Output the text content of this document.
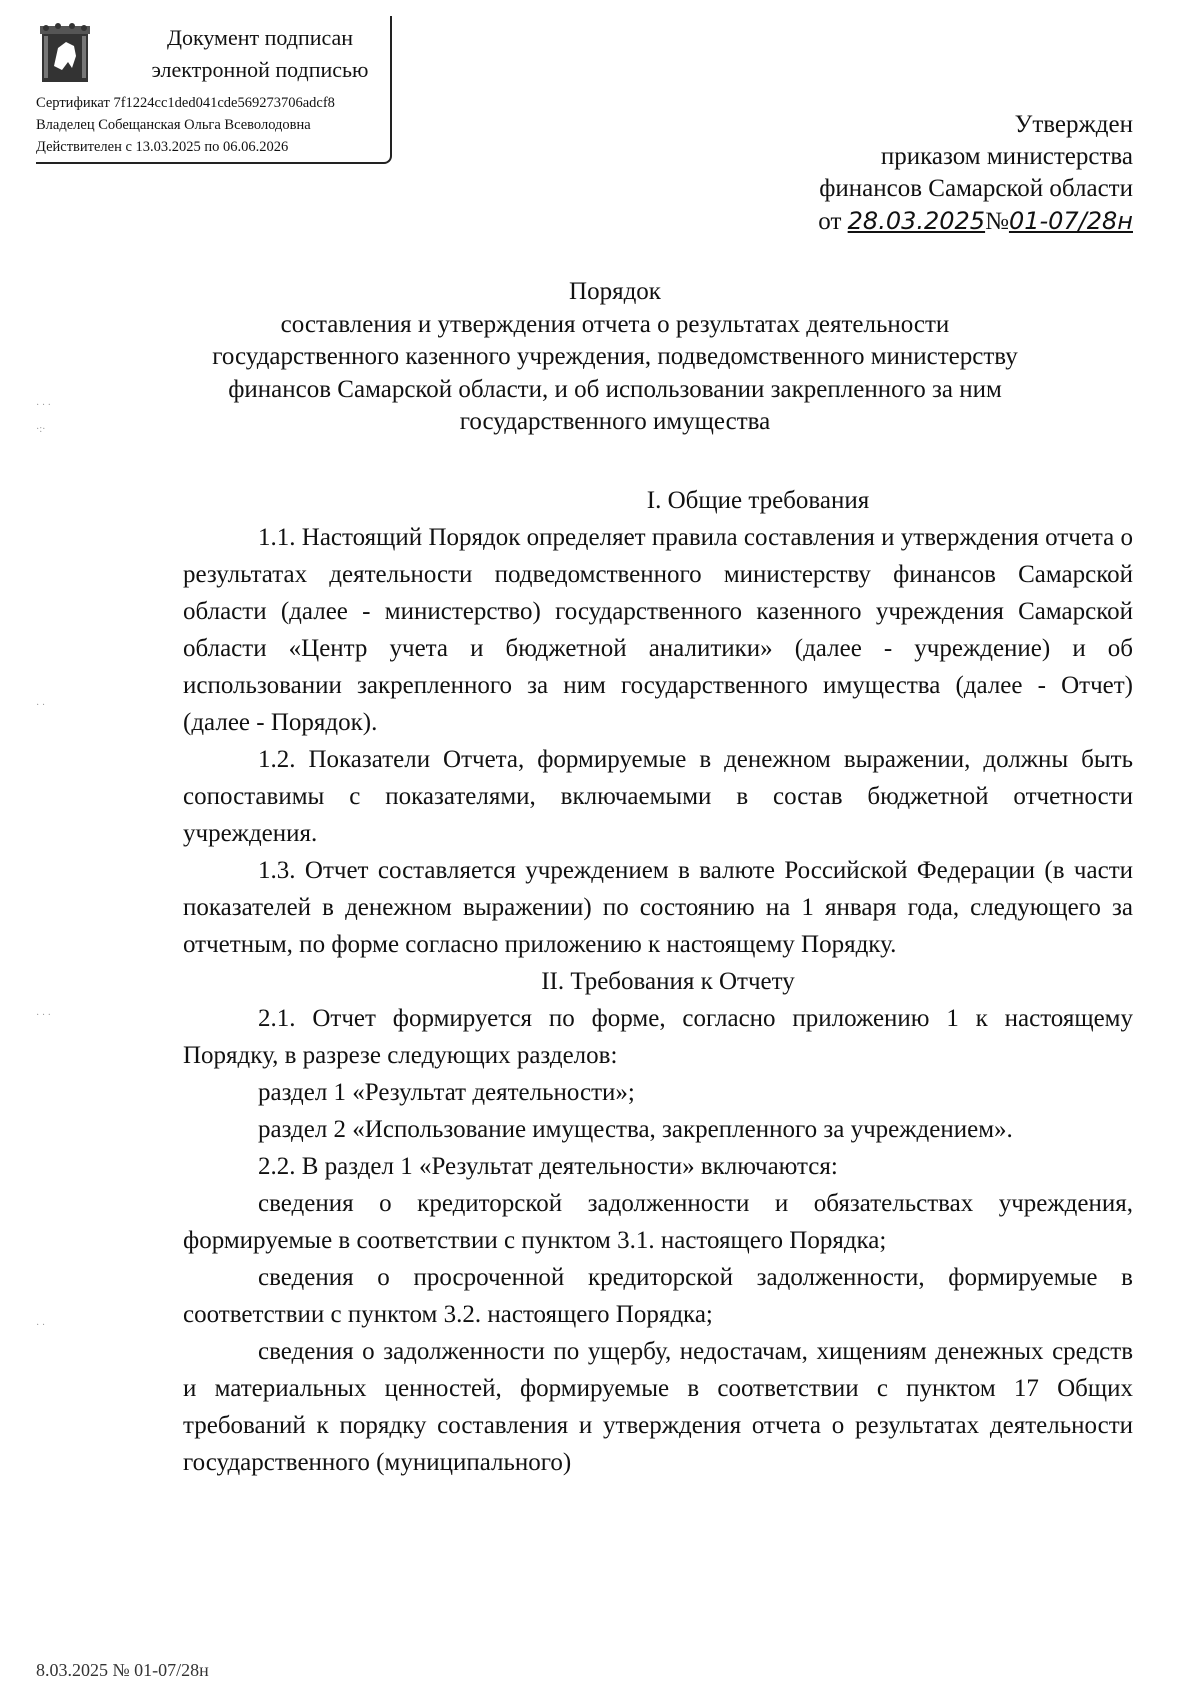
Документ подписан
электронной подписью
Сертификат 7f1224cc1ded041cde569273706adcf8
Владелец Собещанская Ольга Всеволодовна
Действителен с 13.03.2025 по 06.06.2026
Утвержден
приказом министерства
финансов Самарской области
от 28.03.2025№01-07/28н
Порядок
составления и утверждения отчета о результатах деятельности
государственного казенного учреждения, подведомственного министерству
финансов Самарской области, и об использовании закрепленного за ним
государственного имущества

I. Общие требования

1.1. Настоящий Порядок определяет правила составления и утверждения отчета о результатах деятельности подведомственного министерству финансов Самарской области (далее - министерство) государственного казенного учреждения Самарской области «Центр учета и бюджетной аналитики» (далее - учреждение) и об использовании закрепленного за ним государственного имущества (далее - Отчет) (далее - Порядок).

1.2. Показатели Отчета, формируемые в денежном выражении, должны быть сопоставимы с показателями, включаемыми в состав бюджетной отчетности учреждения.

1.3. Отчет составляется учреждением в валюте Российской Федерации (в части показателей в денежном выражении) по состоянию на 1 января года, следующего за отчетным, по форме согласно приложению к настоящему Порядку.

II. Требования к Отчету

2.1. Отчет формируется по форме, согласно приложению 1 к настоящему Порядку, в разрезе следующих разделов:

раздел 1 «Результат деятельности»;

раздел 2 «Использование имущества, закрепленного за учреждением».

2.2. В раздел 1 «Результат деятельности» включаются:

сведения о кредиторской задолженности и обязательствах учреждения, формируемые в соответствии с пунктом 3.1. настоящего Порядка;

сведения о просроченной кредиторской задолженности, формируемые в соответствии с пунктом 3.2. настоящего Порядка;

сведения о задолженности по ущербу, недостачам, хищениям денежных средств и материальных ценностей, формируемые в соответствии с пунктом 17 Общих требований к порядку составления и утверждения отчета о результатах деятельности государственного (муниципального)

· · ·
·:·
· ·
· · ·
· ·
8.03.2025 № 01-07/28н
